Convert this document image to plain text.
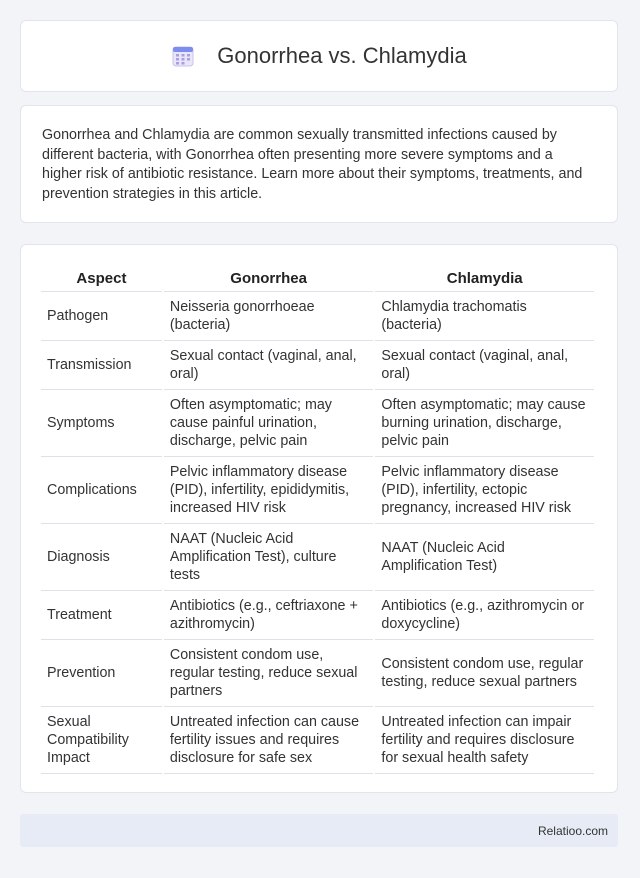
Gonorrhea vs. Chlamydia

Gonorrhea and Chlamydia are common sexually transmitted infections caused by different bacteria, with Gonorrhea often presenting more severe symptoms and a higher risk of antibiotic resistance. Learn more about their symptoms, treatments, and prevention strategies in this article.

Aspect	Gonorrhea	Chlamydia
Pathogen	Neisseria gonorrhoeae (bacteria)	Chlamydia trachomatis (bacteria)
Transmission	Sexual contact (vaginal, anal, oral)	Sexual contact (vaginal, anal, oral)
Symptoms	Often asymptomatic; may cause painful urination, discharge, pelvic pain	Often asymptomatic; may cause burning urination, discharge, pelvic pain
Complications	Pelvic inflammatory disease (PID), infertility, epididymitis, increased HIV risk	Pelvic inflammatory disease (PID), infertility, ectopic pregnancy, increased HIV risk
Diagnosis	NAAT (Nucleic Acid Amplification Test), culture tests	NAAT (Nucleic Acid Amplification Test)
Treatment	Antibiotics (e.g., ceftriaxone + azithromycin)	Antibiotics (e.g., azithromycin or doxycycline)
Prevention	Consistent condom use, regular testing, reduce sexual partners	Consistent condom use, regular testing, reduce sexual partners
Sexual Compatibility Impact	Untreated infection can cause fertility issues and requires disclosure for safe sex	Untreated infection can impair fertility and requires disclosure for sexual health safety
Relatioo.com
